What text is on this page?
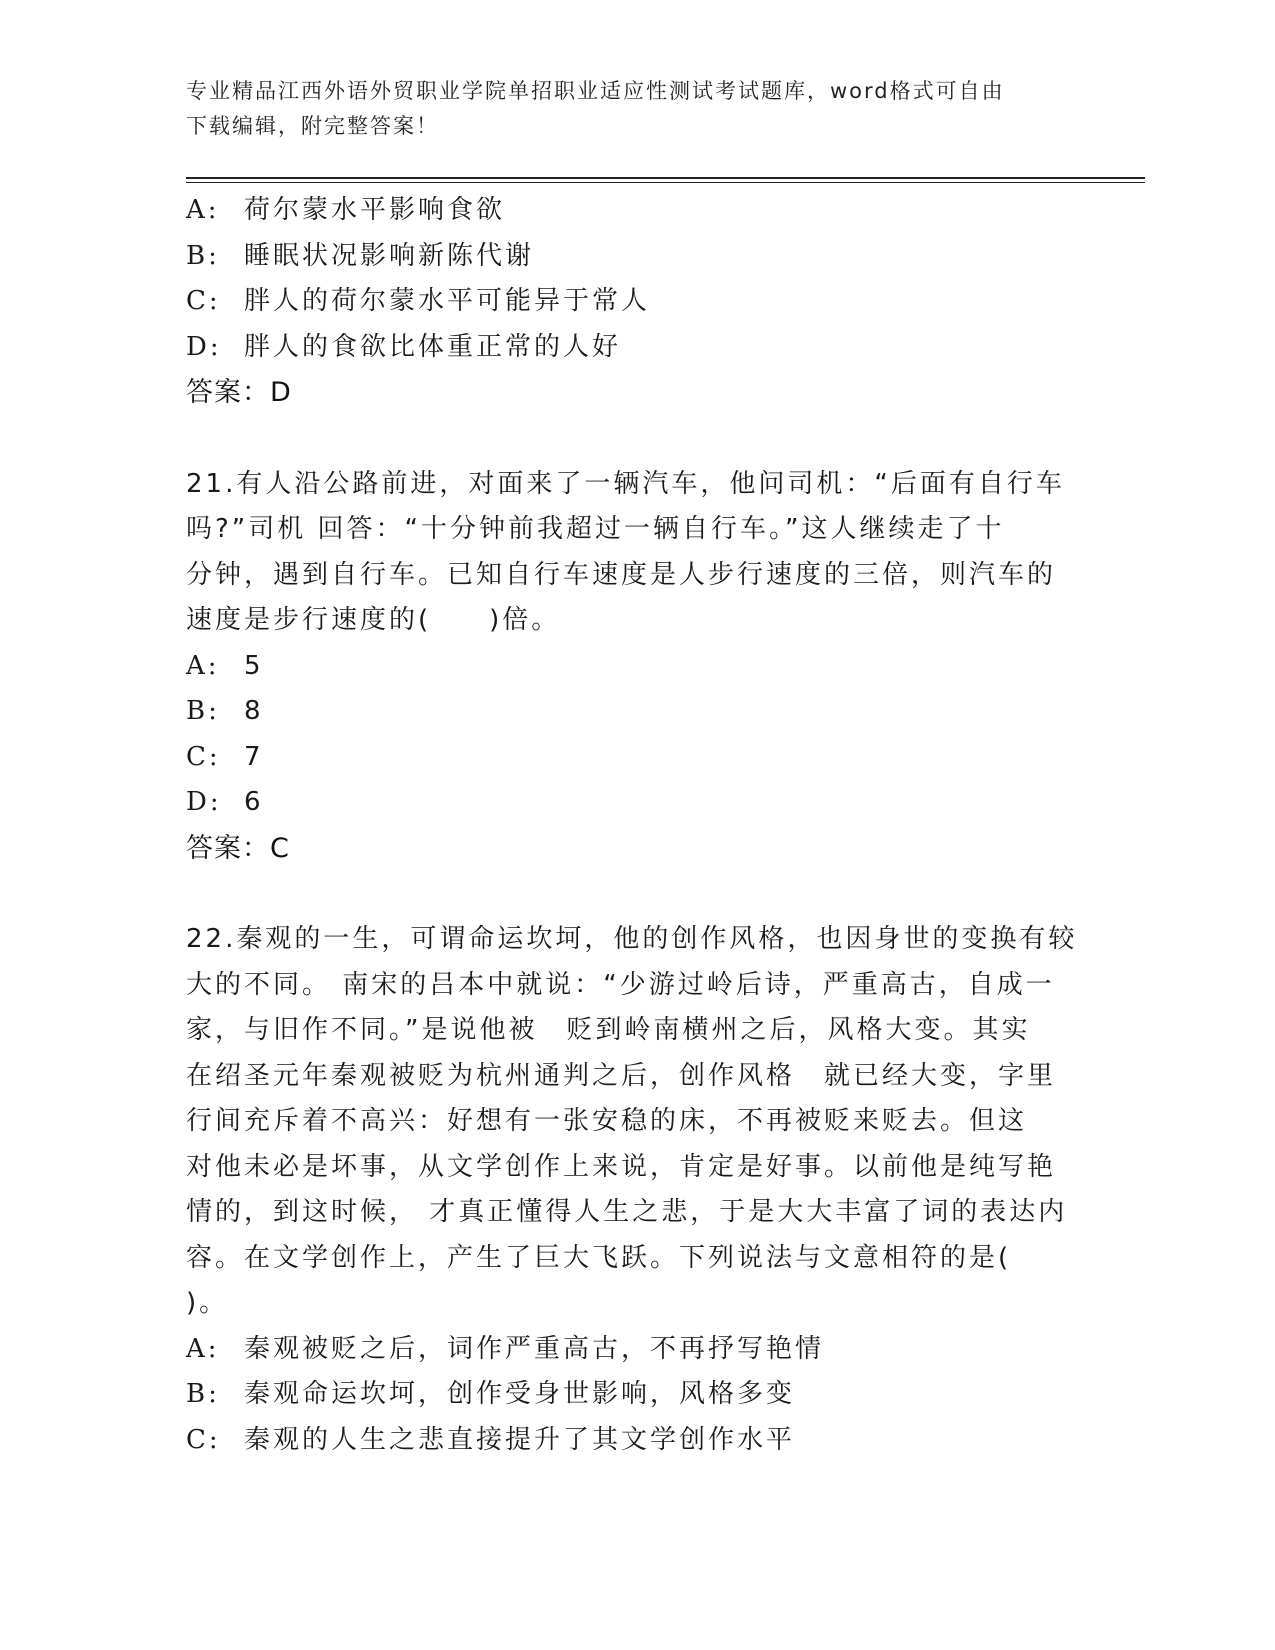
专业精品江西外语外贸职业学院单招职业适应性测试考试题库，word格式可自由
下载编辑，附完整答案！
A: 荷尔蒙水平影响食欲
B: 睡眠状况影响新陈代谢
C: 胖人的荷尔蒙水平可能异于常人
D: 胖人的食欲比体重正常的人好
答案：D
21.有人沿公路前进，对面来了一辆汽车，他问司机：“后面有自行车
吗?”司机 回答：“十分钟前我超过一辆自行车。”这人继续走了十
分钟，遇到自行车。已知自行车速度是人步行速度的三倍，则汽车的
速度是步行速度的(　　)倍。
A: 5
B: 8
C: 7
D: 6
答案：C
22.秦观的一生，可谓命运坎坷，他的创作风格，也因身世的变换有较
大的不同。 南宋的吕本中就说：“少游过岭后诗，严重高古，自成一
家，与旧作不同。”是说他被　贬到岭南横州之后，风格大变。其实
在绍圣元年秦观被贬为杭州通判之后，创作风格　就已经大变，字里
行间充斥着不高兴：好想有一张安稳的床，不再被贬来贬去。但这
对他未必是坏事，从文学创作上来说，肯定是好事。以前他是纯写艳
情的，到这时候， 才真正懂得人生之悲，于是大大丰富了词的表达内
容。在文学创作上，产生了巨大飞跃。下列说法与文意相符的是(
)。
A: 秦观被贬之后，词作严重高古，不再抒写艳情
B: 秦观命运坎坷，创作受身世影响，风格多变
C: 秦观的人生之悲直接提升了其文学创作水平
